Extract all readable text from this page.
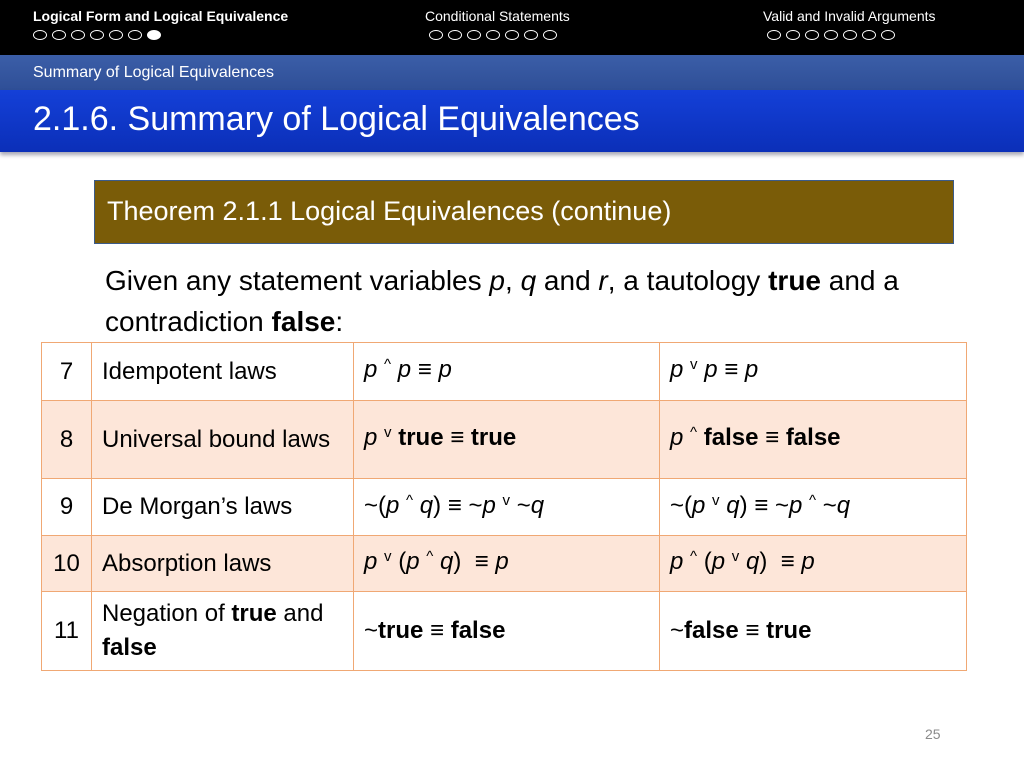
Logical Form and Logical Equivalence	Conditional Statements	Valid and Invalid Arguments
Summary of Logical Equivalences
2.1.6. Summary of Logical Equivalences
Theorem 2.1.1 Logical Equivalences (continue)
Given any statement variables p, q and r, a tautology true and a contradiction false:
7	Idempotent laws	p ^ p ≡ p	p $^v$ p ≡ p
8	Universal bound laws	p $^v$ true ≡ true	p ^ false ≡ false
9	De Morgan’s laws	~(p ^ q) ≡ ~p $^v$ ~q	~(p $^v$ q) ≡ ~p ^ ~q
10	Absorption laws	p $^v$ (p ^ q) ≡ p	p ^ (p $^v$ q) ≡ p
11	Negation of true and false	~true ≡ false	~false ≡ true
25
